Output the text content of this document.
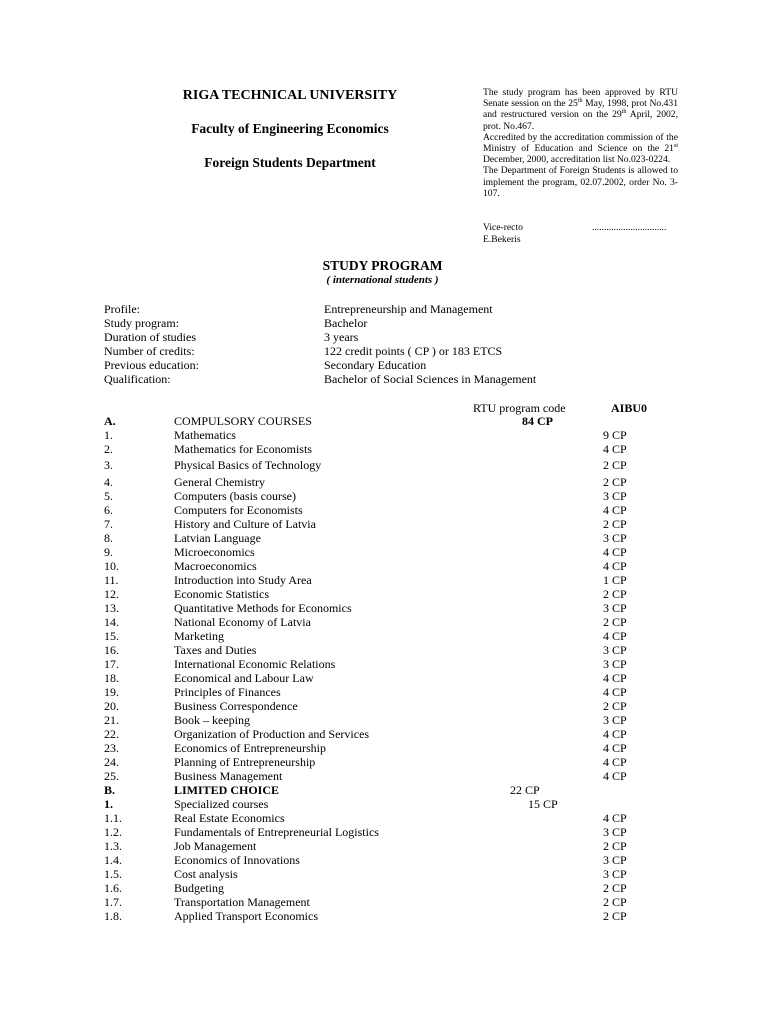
RIGA TECHNICAL UNIVERSITY
Faculty of Engineering Economics
Foreign Students Department

The study program has been approved by RTU Senate session on the 25th May, 1998, prot No.431 and restructured version on the 29th April, 2002, prot. No.467.

Accredited by the accreditation commission of the Ministry of Education and Science on the 21st December, 2000, accreditation list No.023-0224.

The Department of Foreign Students is allowed to implement the program, 02.07.2002, order No. 3-107.

Vice-recto	...............................
E.Bekeris
STUDY PROGRAM
( international students )
Profile:	Entrepreneurship and Management
Study program:	Bachelor
Duration of studies	3 years
Number of credits:	122 credit points ( CP ) or 183 ETCS
Previous education:	Secondary Education
Qualification:	Bachelor of Social Sciences in Management
RTU program code	AIBU0
A.	COMPULSORY COURSES	84 CP
1.	Mathematics	9 CP
2.	Mathematics for Economists	4 CP
3.	Physical Basics of Technology	2 CP
4.	General Chemistry	2 CP
5.	Computers (basis course)	3 CP
6.	Computers for Economists	4 CP
7.	History and Culture of Latvia	2 CP
8.	Latvian Language	3 CP
9.	Microeconomics	4 CP
10.	Macroeconomics	4 CP
11.	Introduction into Study Area	1 CP
12.	Economic Statistics	2 CP
13.	Quantitative Methods for Economics	3 CP
14.	National Economy of Latvia	2 CP
15.	Marketing	4 CP
16.	Taxes and Duties	3 CP
17.	International Economic Relations	3 CP
18.	Economical and Labour Law	4 CP
19.	Principles of Finances	4 CP
20.	Business Correspondence	2 CP
21.	Book – keeping	3 CP
22.	Organization of Production and Services	4 CP
23.	Economics of Entrepreneurship	4 CP
24.	Planning of Entrepreneurship	4 CP
25.	Business Management	4 CP
B.	LIMITED CHOICE	22 CP
1.	Specialized courses	15 CP
1.1.	Real Estate Economics	4 CP
1.2.	Fundamentals of Entrepreneurial Logistics	3 CP
1.3.	Job Management	2 CP
1.4.	Economics of Innovations	3 CP
1.5.	Cost analysis	3 CP
1.6.	Budgeting	2 CP
1.7.	Transportation Management	2 CP
1.8.	Applied Transport Economics	2 CP
